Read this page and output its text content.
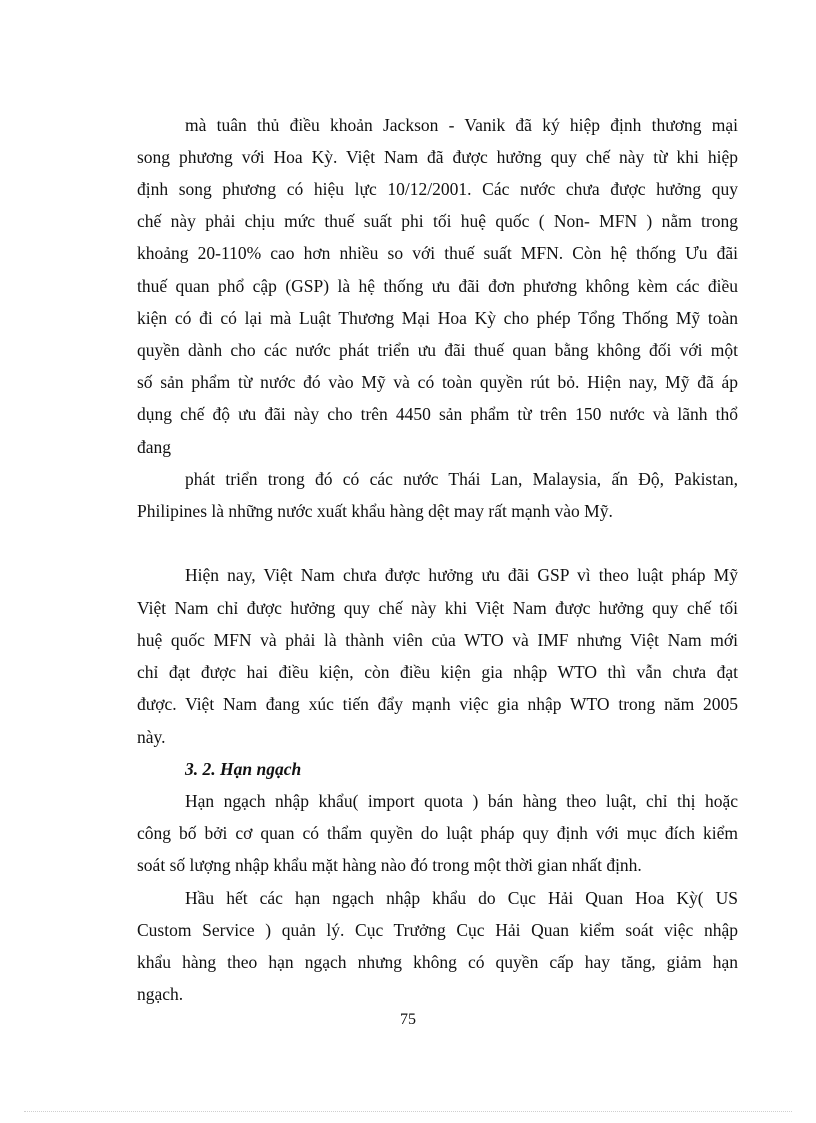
mà tuân thủ điều khoản Jackson - Vanik đã ký hiệp định thương mại
song phương với Hoa Kỳ. Việt Nam đã được hưởng quy chế này từ khi hiệp
định song phương có hiệu lực 10/12/2001. Các nước chưa được hưởng quy
chế này phải chịu mức thuế suất phi tối huệ quốc ( Non- MFN ) nằm trong
khoảng 20-110% cao hơn nhiều so với thuế suất MFN. Còn hệ thống Ưu đãi
thuế quan phổ cập (GSP) là hệ thống ưu đãi đơn phương không kèm các điều
kiện có đi có lại mà Luật Thương Mại Hoa Kỳ cho phép Tổng Thống Mỹ toàn
quyền dành cho các nước phát triển ưu đãi thuế quan bằng không đối với một
số sản phẩm từ nước đó vào Mỹ và có toàn quyền rút bỏ. Hiện nay, Mỹ đã áp
dụng chế độ ưu đãi này cho trên 4450 sản phẩm từ trên 150 nước và lãnh thổ
đang
phát triển trong đó có các nước Thái Lan, Malaysia, ấn Độ, Pakistan,
Philipines là những nước xuất khẩu hàng dệt may rất mạnh vào Mỹ.
Hiện nay, Việt Nam chưa được hưởng ưu đãi GSP vì theo luật pháp Mỹ
Việt Nam chỉ được hưởng quy chế này khi Việt Nam được hưởng quy chế tối
huệ quốc MFN và phải là thành viên của WTO và IMF nhưng Việt Nam mới
chỉ đạt được hai điều kiện, còn điều kiện gia nhập WTO thì vẫn chưa đạt
được. Việt Nam đang xúc tiến đẩy mạnh việc gia nhập WTO trong năm 2005
này.
3. 2. Hạn ngạch
Hạn ngạch nhập khẩu( import quota ) bán hàng theo luật, chỉ thị hoặc
công bố bởi cơ quan có thẩm quyền do luật pháp quy định với mục đích kiểm
soát số lượng nhập khẩu mặt hàng nào đó trong một thời gian nhất định.
Hầu hết các hạn ngạch nhập khẩu do Cục Hải Quan Hoa Kỳ( US
Custom Service ) quản lý. Cục Trưởng Cục Hải Quan kiểm soát việc nhập
khẩu hàng theo hạn ngạch nhưng không có quyền cấp hay tăng, giảm hạn
ngạch.
75
